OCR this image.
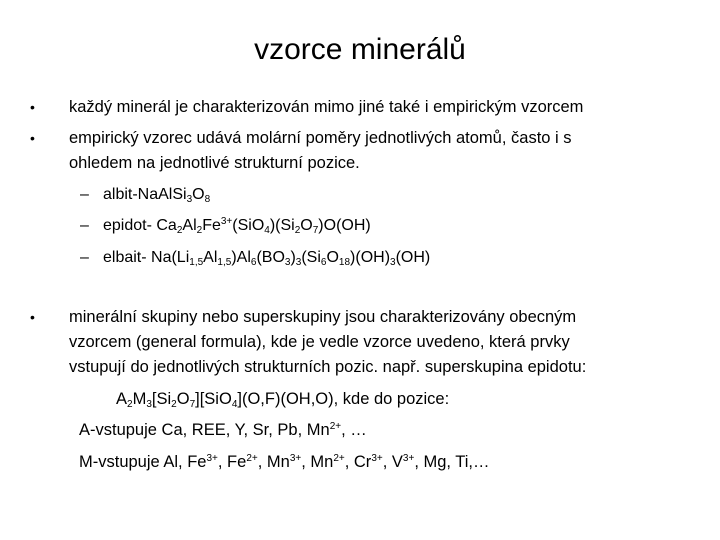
vzorce minerálů
• každý minerál je charakterizován mimo jiné také i empirickým vzorcem
• empirický vzorec udává molární poměry jednotlivých atomů, často i s
ohledem na jednotlivé strukturní pozice.
– albit-$NaAlSi_3O_8$
– epidot- $Ca_2Al_2Fe^{3+}(SiO_4)(Si_2O_7)O(OH)$
– elbait- $Na(Li_{1,5}Al_{1,5})Al_6(BO_3)_3(Si_6O_{18})(OH)_3(OH)$
• minerální skupiny nebo superskupiny jsou charakterizovány obecným
vzorcem (general formula), kde je vedle vzorce uvedeno, která prvky
vstupují do jednotlivých strukturních pozic. např. superskupina epidotu:
$A_2M_3[Si_2O_7][SiO_4](O,F)(OH,O)$, kde do pozice:
A-vstupuje Ca, REE, Y, Sr, Pb, $Mn^{2+}$, …
M-vstupuje Al, $Fe^{3+}$, $Fe^{2+}$, $Mn^{3+}$, $Mn^{2+}$, $Cr^{3+}$, $V^{3+}$, Mg, Ti,…
